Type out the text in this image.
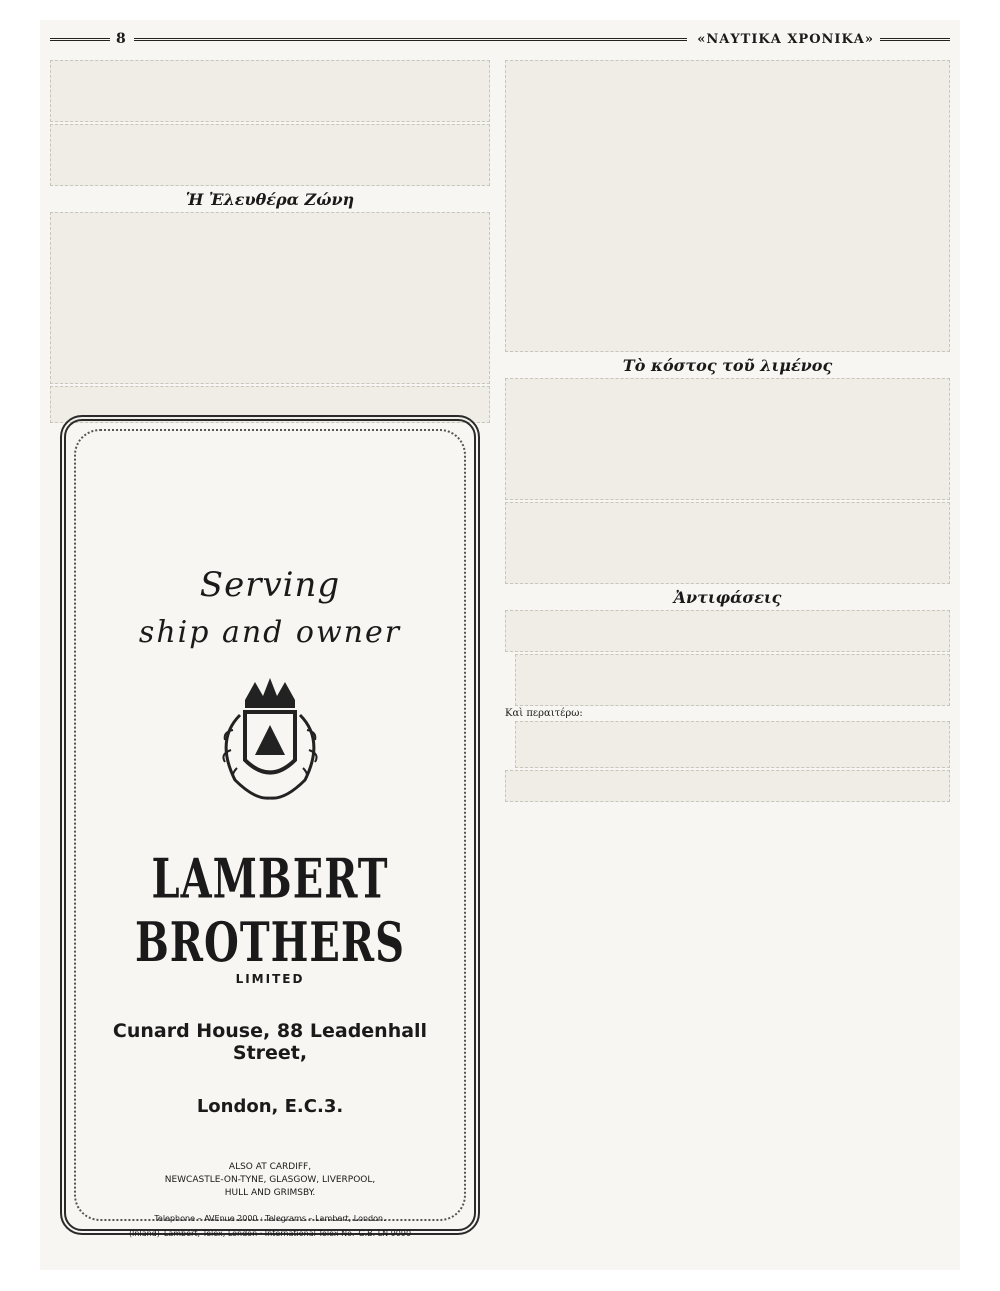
8	«ΝΑΥΤΙΚΑ ΧΡΟΝΙΚΑ»

Ἡ Ἐλευθέρα Ζώνη

Serving
ship and owner
LAMBERT BROTHERS
LIMITED
Cunard House, 88 Leadenhall Street,
London, E.C.3.
ALSO AT CARDIFF,
NEWCASTLE-ON-TYNE, GLASGOW, LIVERPOOL,
HULL AND GRIMSBY.
Telephone – AVEnue 2000 · Telegrams – Lambert, London.
(Inland)–Lambert, Telex, London · International Telex No.–G.B. LN 9090

Τὸ κόστος τοῦ λιμένος

Ἀντιφάσεις

Καὶ περαιτέρω:
